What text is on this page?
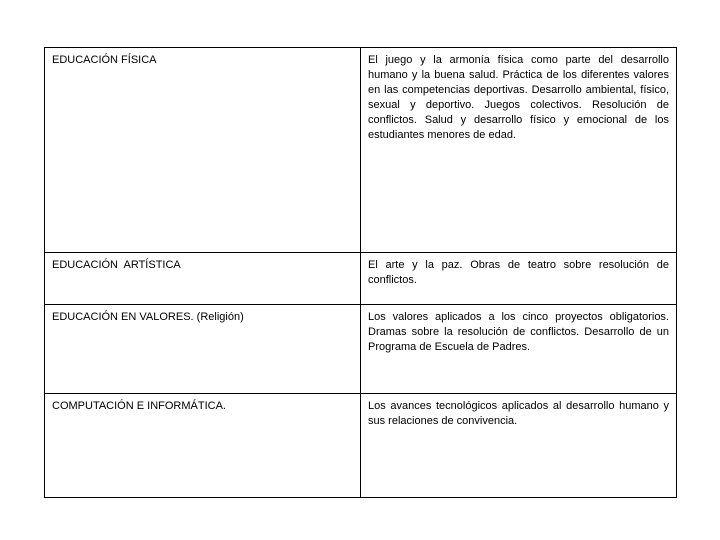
EDUCACIÓN FÍSICA	El juego y la armonía física como parte del desarrollo humano y la buena salud. Práctica de los diferentes valores en las competencias deportivas. Desarrollo ambiental, físico, sexual y deportivo. Juegos colectivos. Resolución de conflictos. Salud y desarrollo físico y emocional de los estudiantes menores de edad.
EDUCACIÓN  ARTÍSTICA	El arte y la paz. Obras de teatro sobre resolución de conflictos.
EDUCACIÓN EN VALORES. (Religión)	Los valores aplicados a los cinco proyectos obligatorios. Dramas sobre la resolución de conflictos. Desarrollo de un Programa de Escuela de Padres.
COMPUTACIÓN E INFORMÁTICA.	Los avances tecnológicos aplicados al desarrollo humano y sus relaciones de convivencia.
